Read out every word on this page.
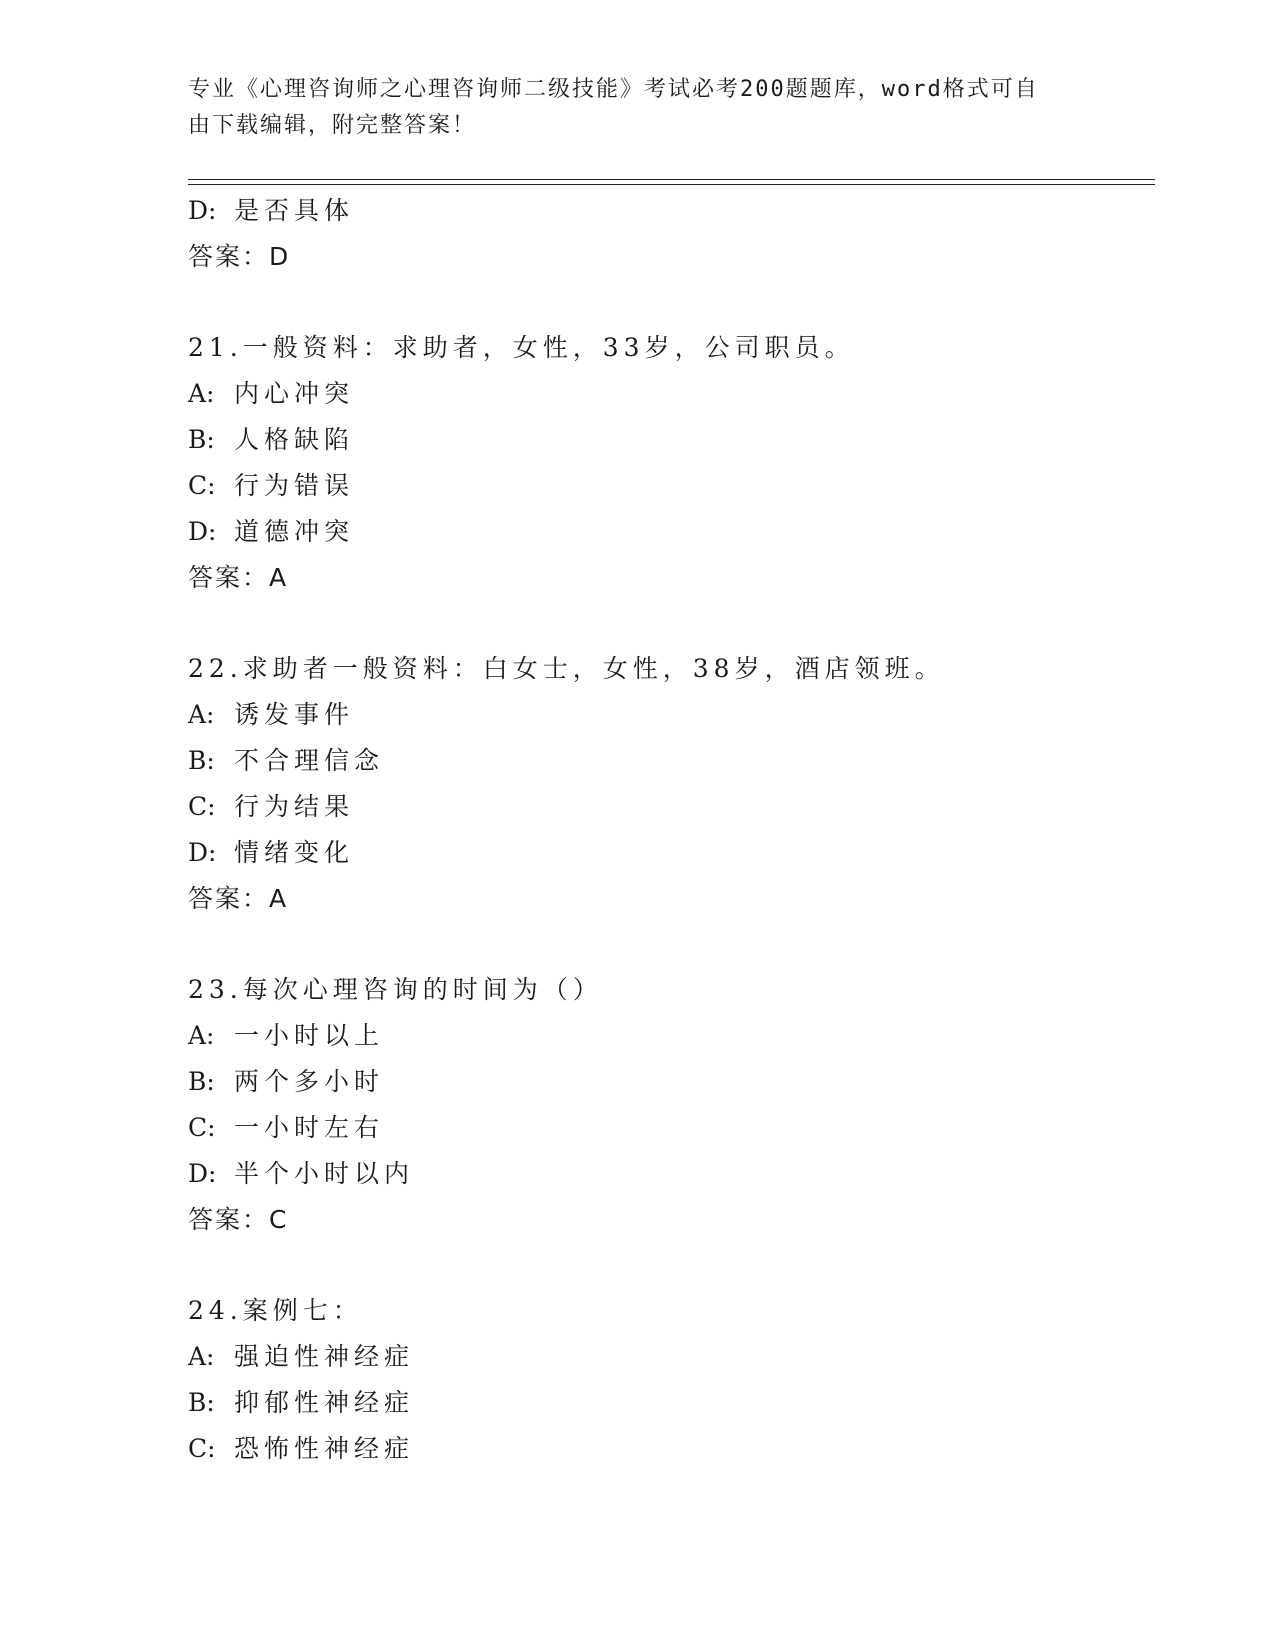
专业《心理咨询师之心理咨询师二级技能》考试必考200题题库，word格式可自
由下载编辑，附完整答案！
D: 是否具体
答案：D
21.一般资料：求助者，女性，33岁，公司职员。
A: 内心冲突
B: 人格缺陷
C: 行为错误
D: 道德冲突
答案：A
22.求助者一般资料：白女士，女性，38岁，酒店领班。
A: 诱发事件
B: 不合理信念
C: 行为结果
D: 情绪变化
答案：A
23.每次心理咨询的时间为（）
A: 一小时以上
B: 两个多小时
C: 一小时左右
D: 半个小时以内
答案：C
24.案例七：
A: 强迫性神经症
B: 抑郁性神经症
C: 恐怖性神经症
